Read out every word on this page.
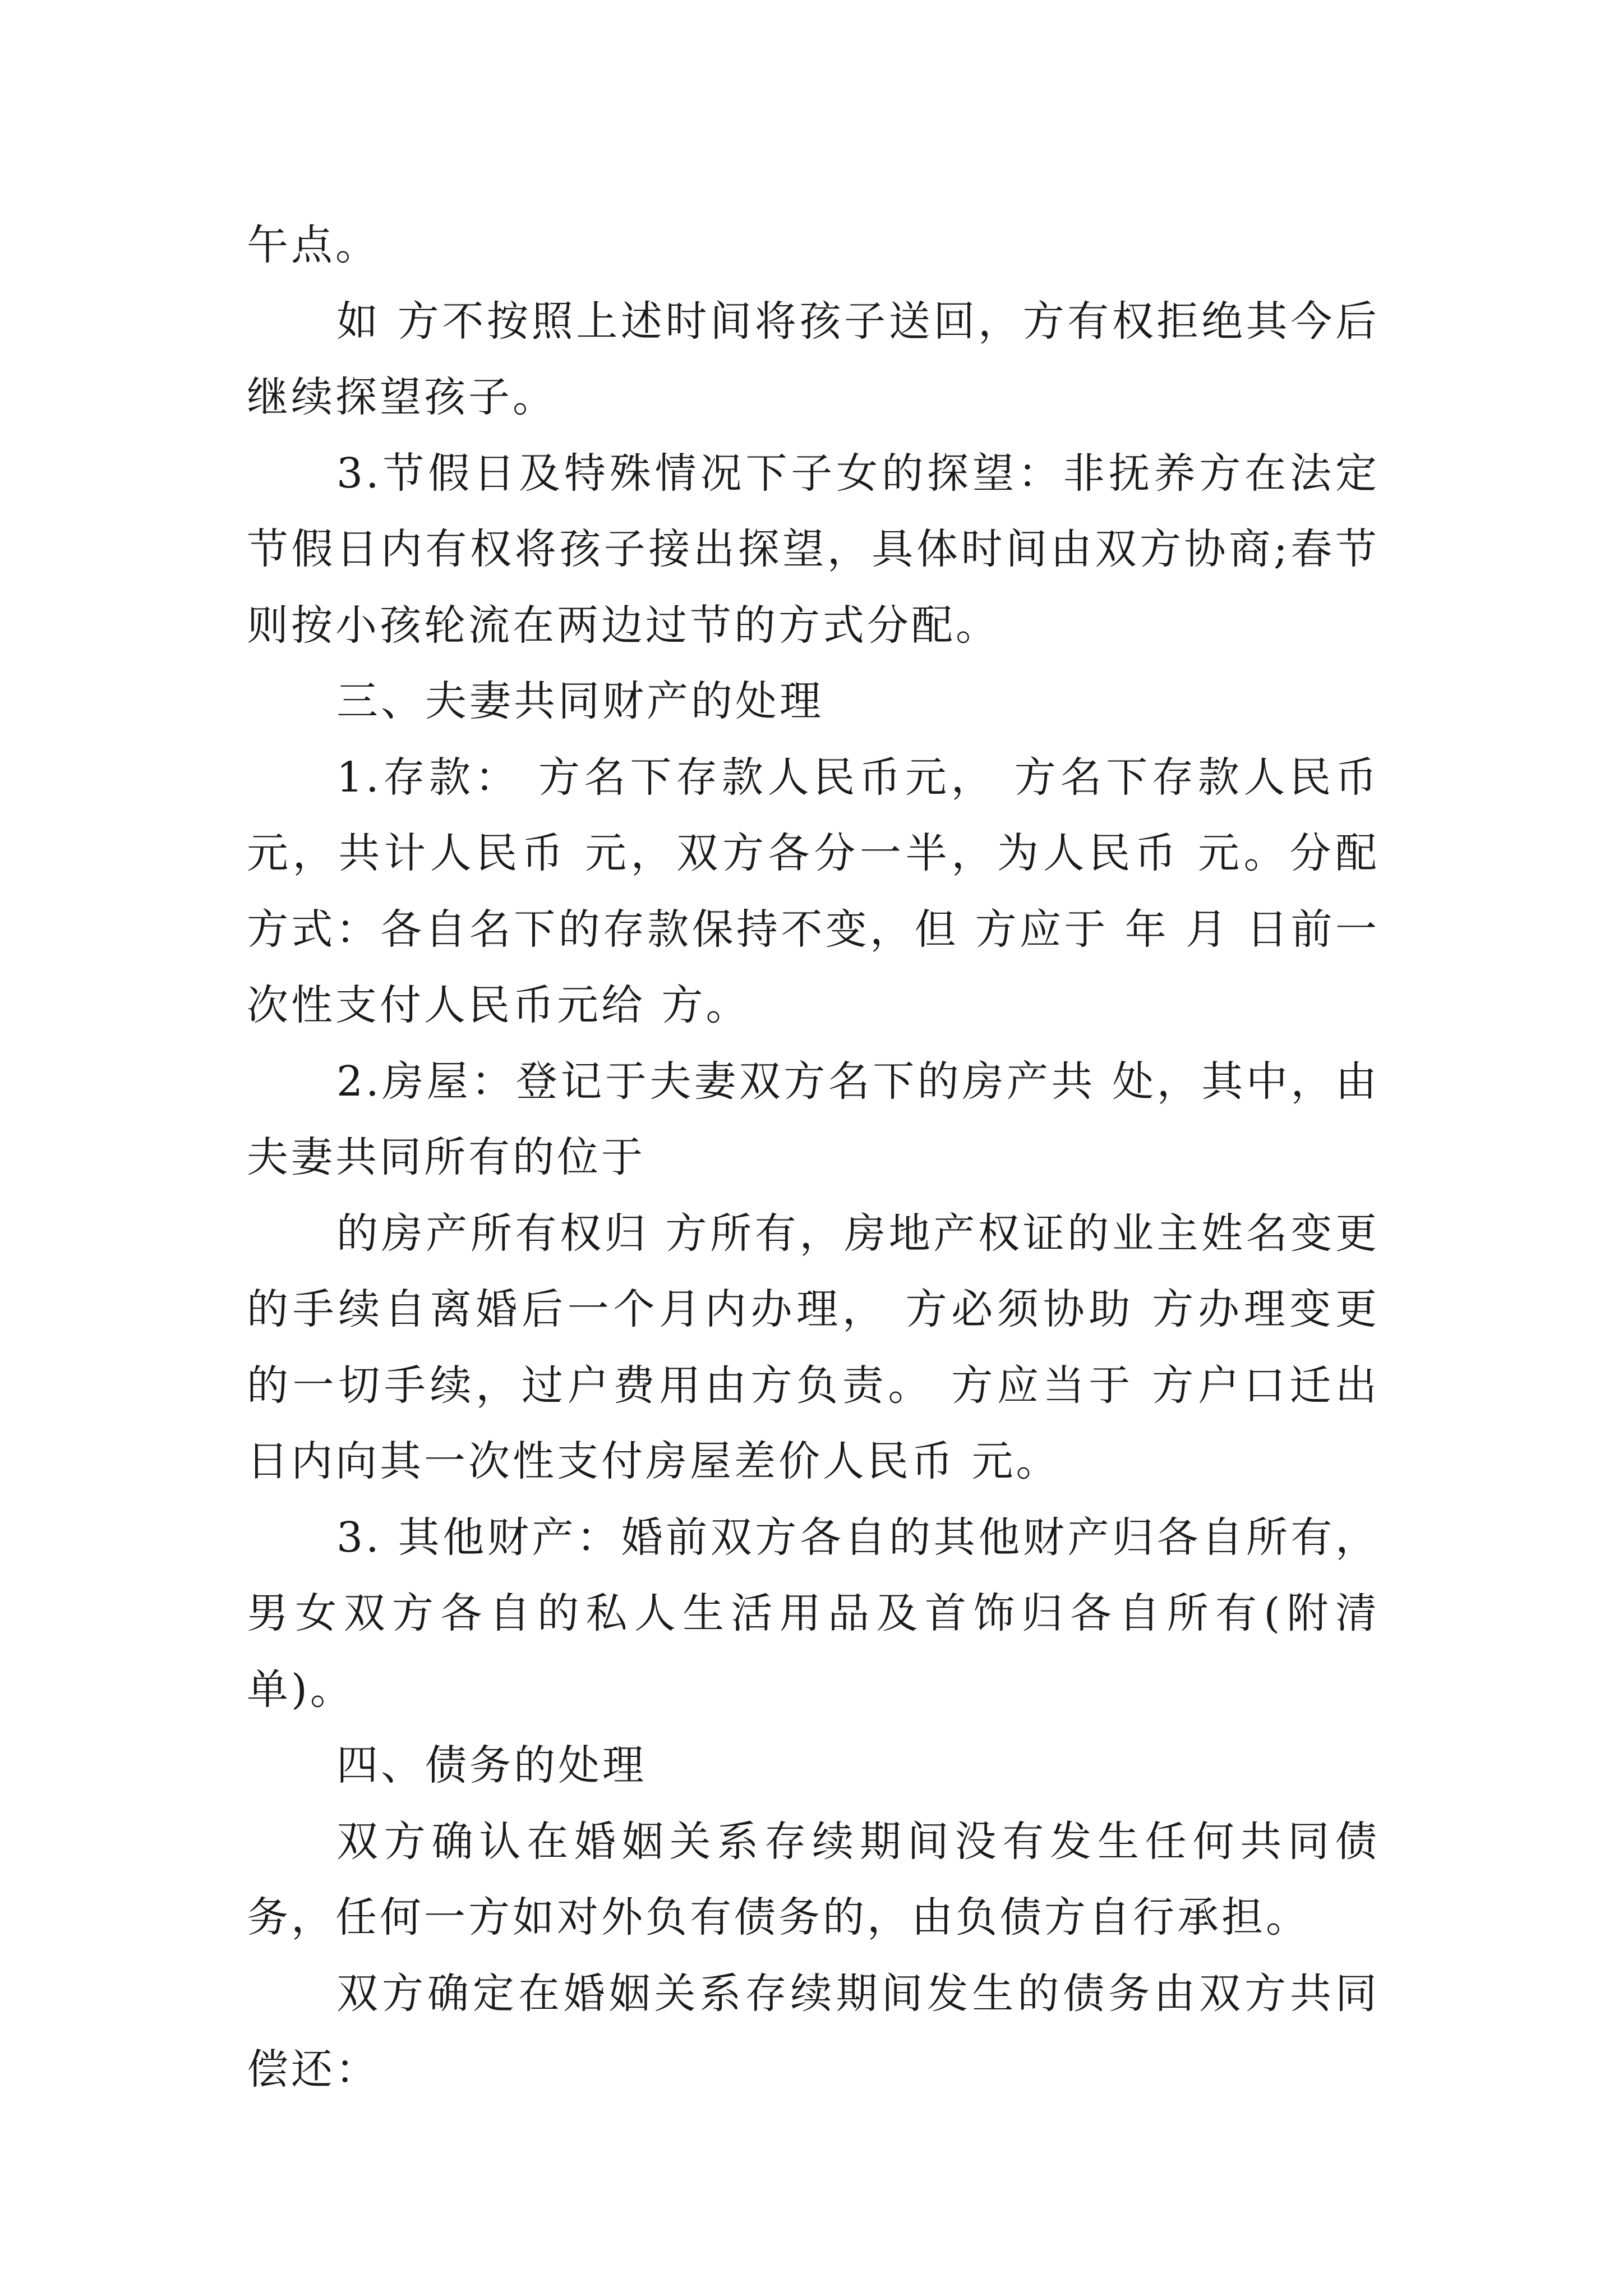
午点。

如 方不按照上述时间将孩子送回，方有权拒绝其今后继续探望孩子。

3.节假日及特殊情况下子女的探望：非抚养方在法定节假日内有权将孩子接出探望，具体时间由双方协商;春节则按小孩轮流在两边过节的方式分配。

三、夫妻共同财产的处理

1.存款： 方名下存款人民币元， 方名下存款人民币元，共计人民币 元，双方各分一半，为人民币 元。分配方式：各自名下的存款保持不变，但 方应于 年 月 日前一次性支付人民币元给 方。

2.房屋：登记于夫妻双方名下的房产共 处，其中，由夫妻共同所有的位于

的房产所有权归 方所有，房地产权证的业主姓名变更的手续自离婚后一个月内办理， 方必须协助 方办理变更的一切手续，过户费用由方负责。 方应当于 方户口迁出日内向其一次性支付房屋差价人民币 元。

3. 其他财产：婚前双方各自的其他财产归各自所有，男女双方各自的私人生活用品及首饰归各自所有(附清单)。

四、债务的处理

双方确认在婚姻关系存续期间没有发生任何共同债务，任何一方如对外负有债务的，由负债方自行承担。

双方确定在婚姻关系存续期间发生的债务由双方共同偿还：
